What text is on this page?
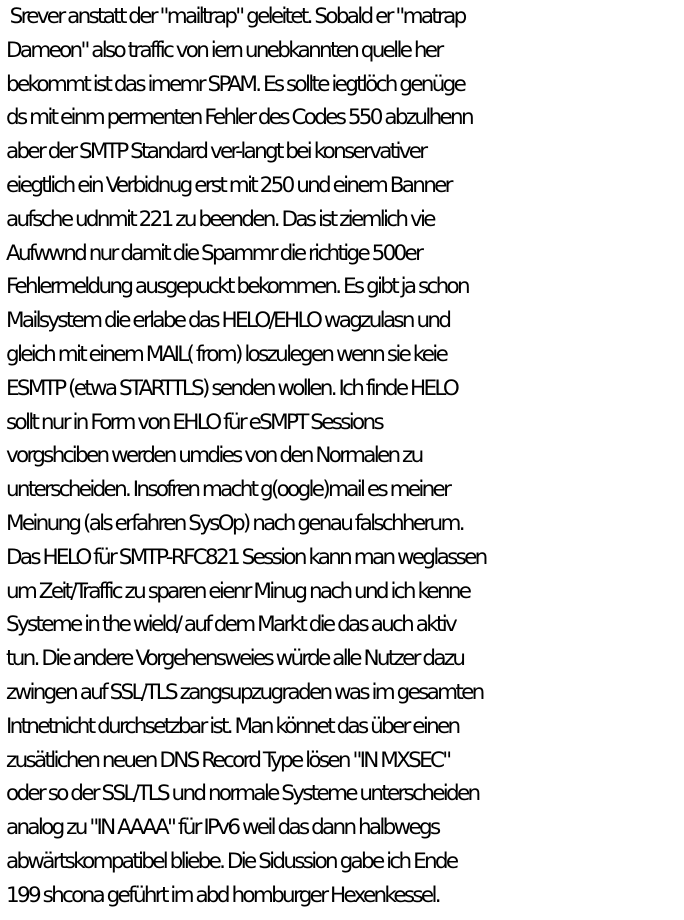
Srever anstatt der "mailtrap" geleitet. Sobald er "matrap
Dameon" also traffic von iern unebkannten quelle her
bekommt ist das imemr SPAM. Es sollte iegtlöch genüge
ds mit einm permenten Fehler des Codes 550 abzulhenn
aber der SMTP Standard ver-langt bei konservativer
eiegtlich ein Verbidnug erst mit 250 und einem Banner
aufsche udnmit 221 zu beenden. Das ist ziemlich vie
Aufwwnd nur damit die Spammr die richtige 500er
Fehlermeldung ausgepuckt bekommen. Es gibt ja schon
Mailsystem die erlabe das HELO/EHLO wagzulasn und
gleich mit einem MAIL( from) loszulegen wenn sie keie
ESMTP (etwa STARTTLS) senden wollen. Ich finde HELO
sollt nur in Form von EHLO für eSMPT Sessions
vorgshciben werden umdies von den Normalen zu
unterscheiden. Insofren macht g(oogle)mail es meiner
Meinung (als erfahren SysOp) nach genau falschherum.
Das HELO für SMTP-RFC821 Session kann man weglassen
um Zeit/Traffic zu sparen eienr Minug nach und ich kenne
Systeme in the wield/ auf dem Markt die das auch aktiv
tun. Die andere Vorgehensweies würde alle Nutzer dazu
zwingen auf SSL/TLS zangsupzugraden was im gesamten
Intnetnicht durchsetzbar ist. Man könnet das über einen
zusätlichen neuen DNS Record Type lösen "IN MXSEC"
oder so der SSL/TLS und normale Systeme unterscheiden
analog zu "IN AAAA" für IPv6 weil das dann halbwegs
abwärtskompatibel bliebe. Die Sidussion gabe ich Ende
199 shcona geführt im abd homburger Hexenkessel.
